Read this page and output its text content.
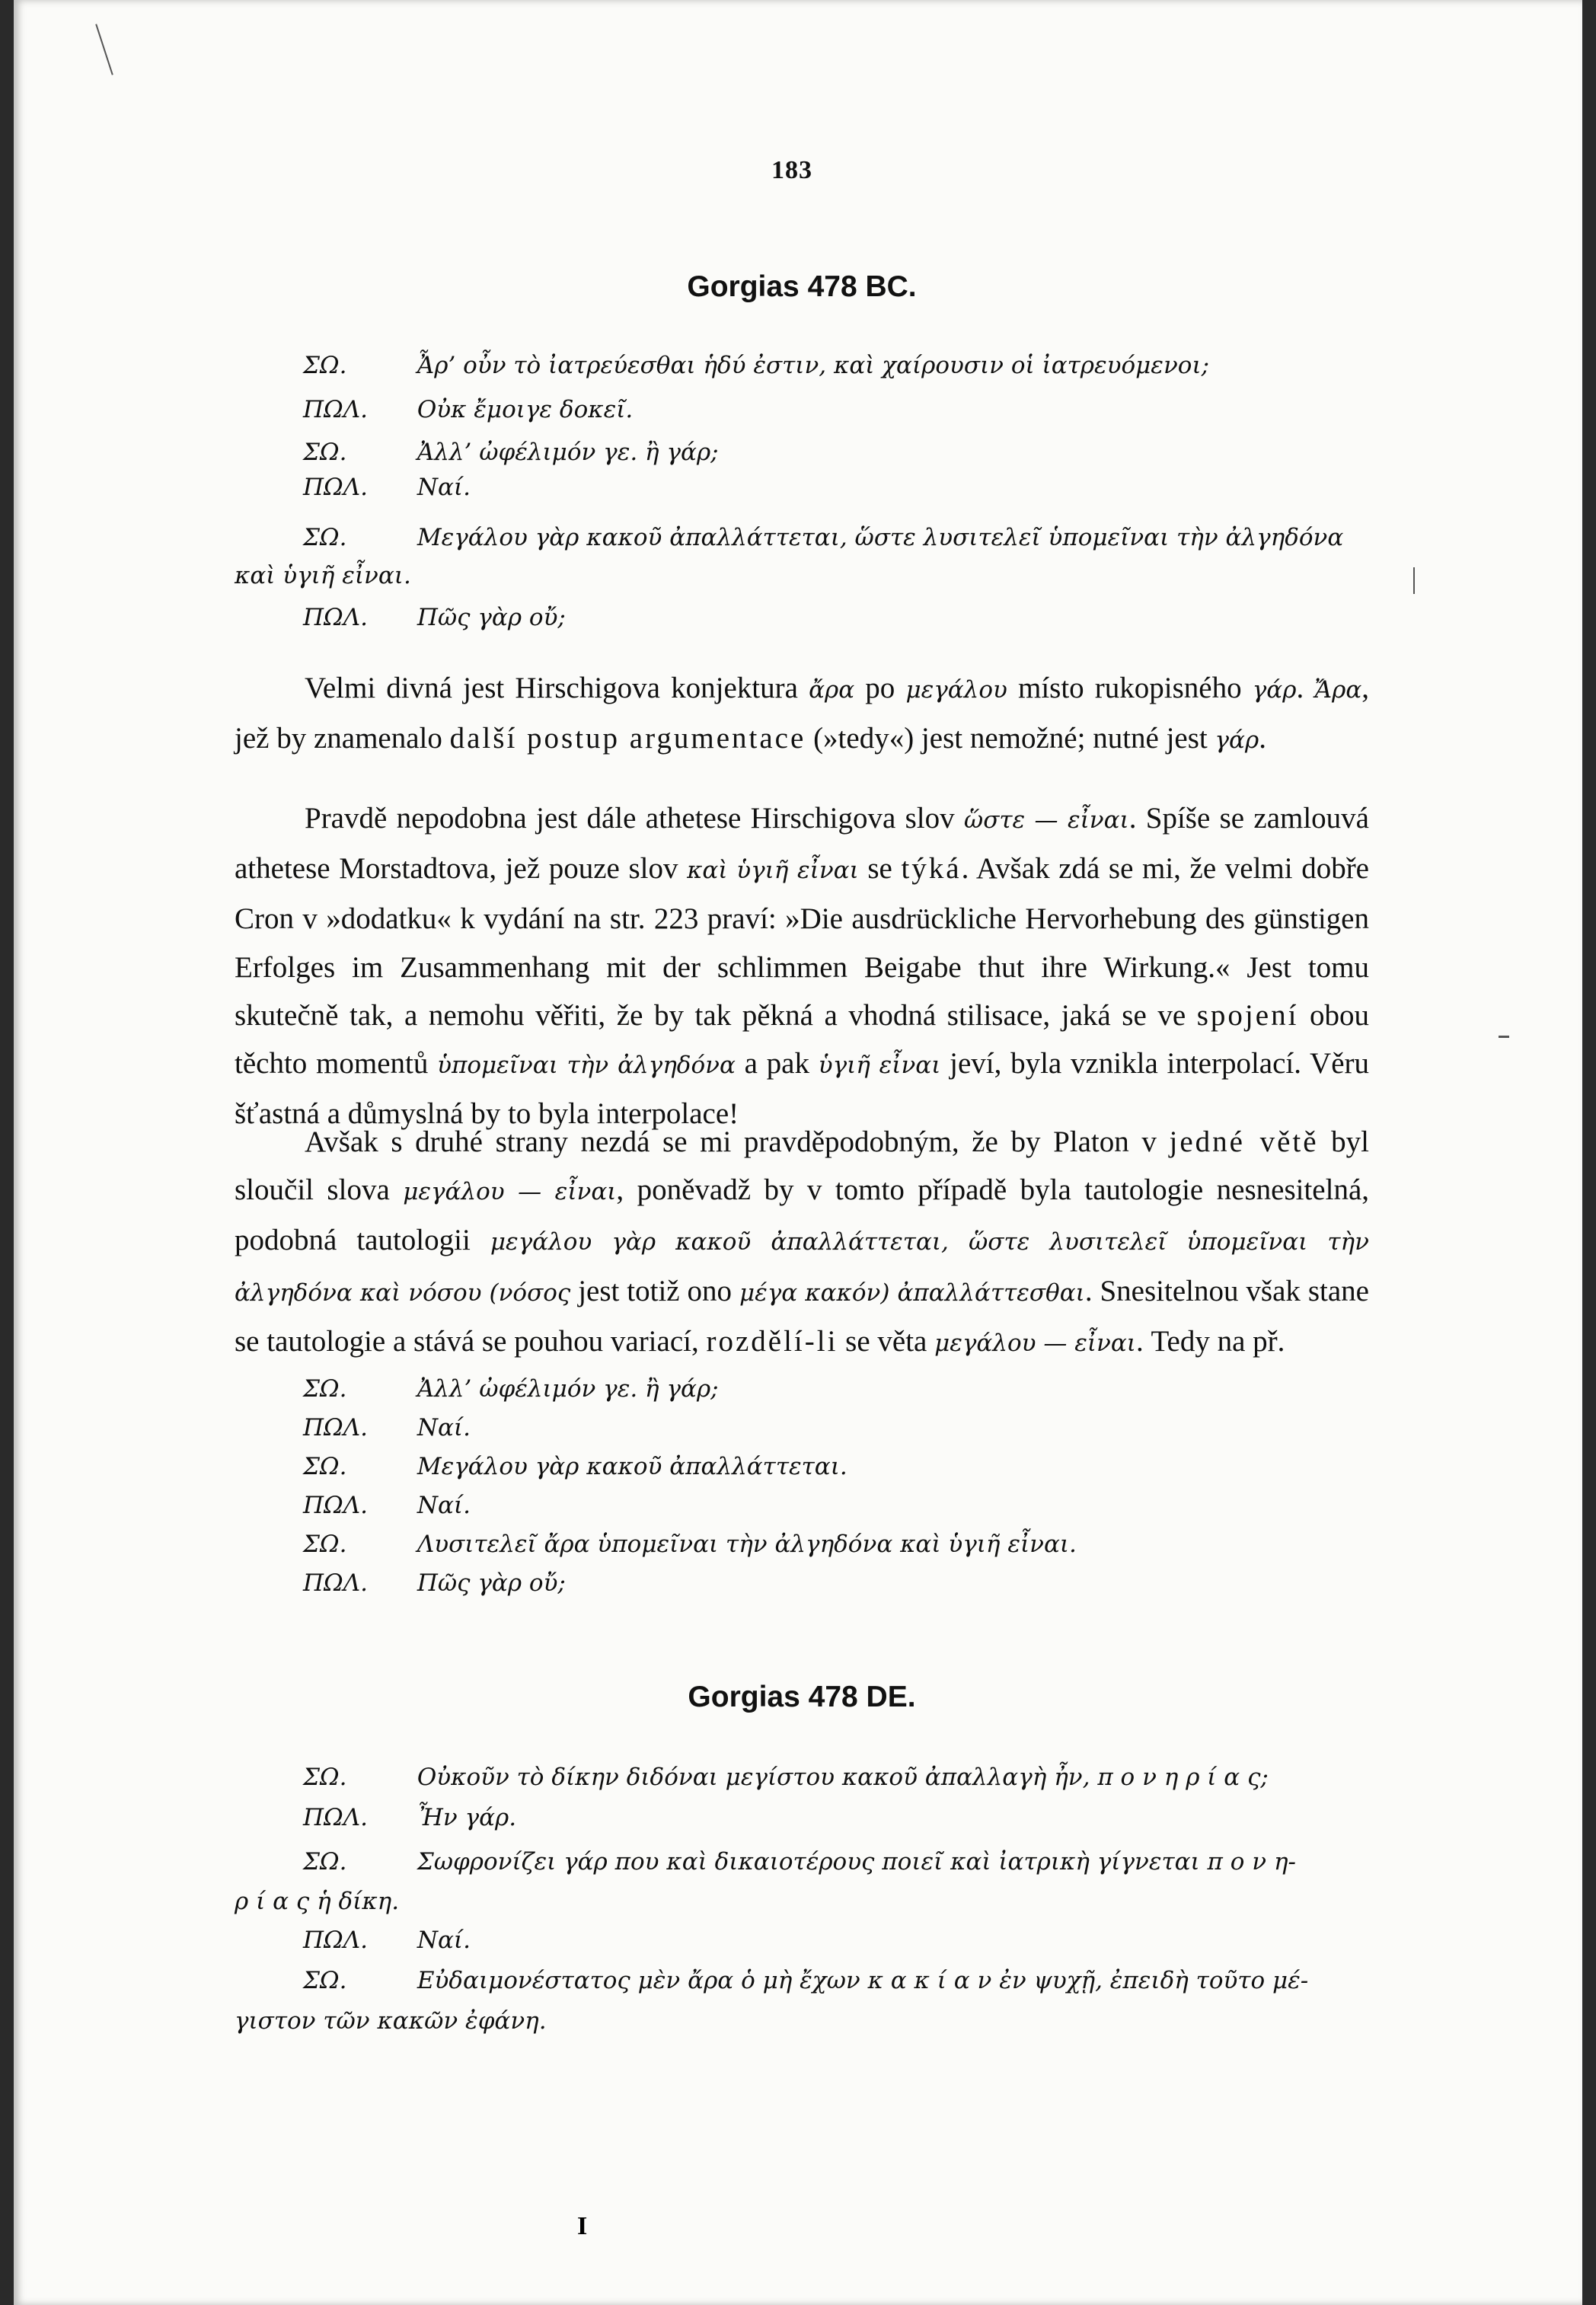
183
Gorgias 478 BC.
ΣΩ.	Ἆρ’ οὖν τὸ ἰατρεύεσθαι ἡδύ ἐστιν, καὶ χαίρουσιν οἱ ἰατρευόμενοι;
ΠΩΛ. Οὐκ ἔμοιγε δοκεῖ.
ΣΩ.	Ἀλλ’ ὠφέλιμόν γε. ἢ γάρ;
ΠΩΛ. Ναί.
ΣΩ.	Μεγάλου γὰρ κακοῦ ἀπαλλάττεται, ὥστε λυσιτελεῖ ὑπομεῖναι τὴν ἀλγηδόνα
καὶ ὑγιῆ εἶναι.
ΠΩΛ. Πῶς γὰρ οὔ;
Velmi divná jest Hirschigova konjektura ἄρα po μεγάλου místo rukopisného γάρ. Ἄρα, jež by znamenalo další postup argumentace (»tedy«) jest nemožné; nutné jest γάρ.
Pravdě nepodobna jest dále athetese Hirschigova slov ὥστε — εἶναι. Spíše se zamlouvá athetese Morstadtova, jež pouze slov καὶ ὑγιῆ εἶναι se týká. Avšak zdá se mi, že velmi dobře Cron v »dodatku« k vydání na str. 223 praví: »Die ausdrückliche Hervorhebung des günstigen Erfolges im Zusammenhang mit der schlimmen Beigabe thut ihre Wirkung.« Jest tomu skutečně tak, a nemohu věřiti, že by tak pěkná a vhodná stilisace, jaká se ve spojení obou těchto momentů ὑπομεῖναι τὴν ἀλγηδόνα a pak ὑγιῆ εἶναι jeví, byla vznikla interpolací. Věru šťastná a důmyslná by to byla interpolace!
Avšak s druhé strany nezdá se mi pravděpodobným, že by Platon v jedné větě byl sloučil slova μεγάλου — εἶναι, poněvadž by v tomto případě byla tautologie nesnesitelná, podobná tautologii μεγάλου γὰρ κακοῦ ἀπαλλάττεται, ὥστε λυσιτελεῖ ὑπομεῖναι τὴν ἀλγηδόνα καὶ νόσου (νόσος jest totiž ono μέγα κακόν) ἀπαλλάττεσθαι. Snesitelnou však stane se tautologie a stává se pouhou variací, rozdělí-li se věta μεγάλου — εἶναι. Tedy na př.
ΣΩ.	Ἀλλ’ ὠφέλιμόν γε. ἢ γάρ;
ΠΩΛ. Ναί.
ΣΩ.	Μεγάλου γὰρ κακοῦ ἀπαλλάττεται.
ΠΩΛ. Ναί.
ΣΩ.	Λυσιτελεῖ ἄρα ὑπομεῖναι τὴν ἀλγηδόνα καὶ ὑγιῆ εἶναι.
ΠΩΛ. Πῶς γὰρ οὔ;
Gorgias 478 DE.
ΣΩ.	Οὐκοῦν τὸ δίκην διδόναι μεγίστου κακοῦ ἀπαλλαγὴ ἦν, π ο ν η ρ ί α ς;
ΠΩΛ. Ἦν γάρ.
ΣΩ.	Σωφρονίζει γάρ που καὶ δικαιοτέρους ποιεῖ καὶ ἰατρικὴ γίγνεται π ο ν η-
ρ ί α ς ἡ δίκη.
ΠΩΛ. Ναί.
ΣΩ.	Εὐδαιμονέστατος μὲν ἄρα ὁ μὴ ἔχων κ α κ ί α ν ἐν ψυχῇ, ἐπειδὴ τοῦτο μέ-
γιστον τῶν κακῶν ἐφάνη.
I
